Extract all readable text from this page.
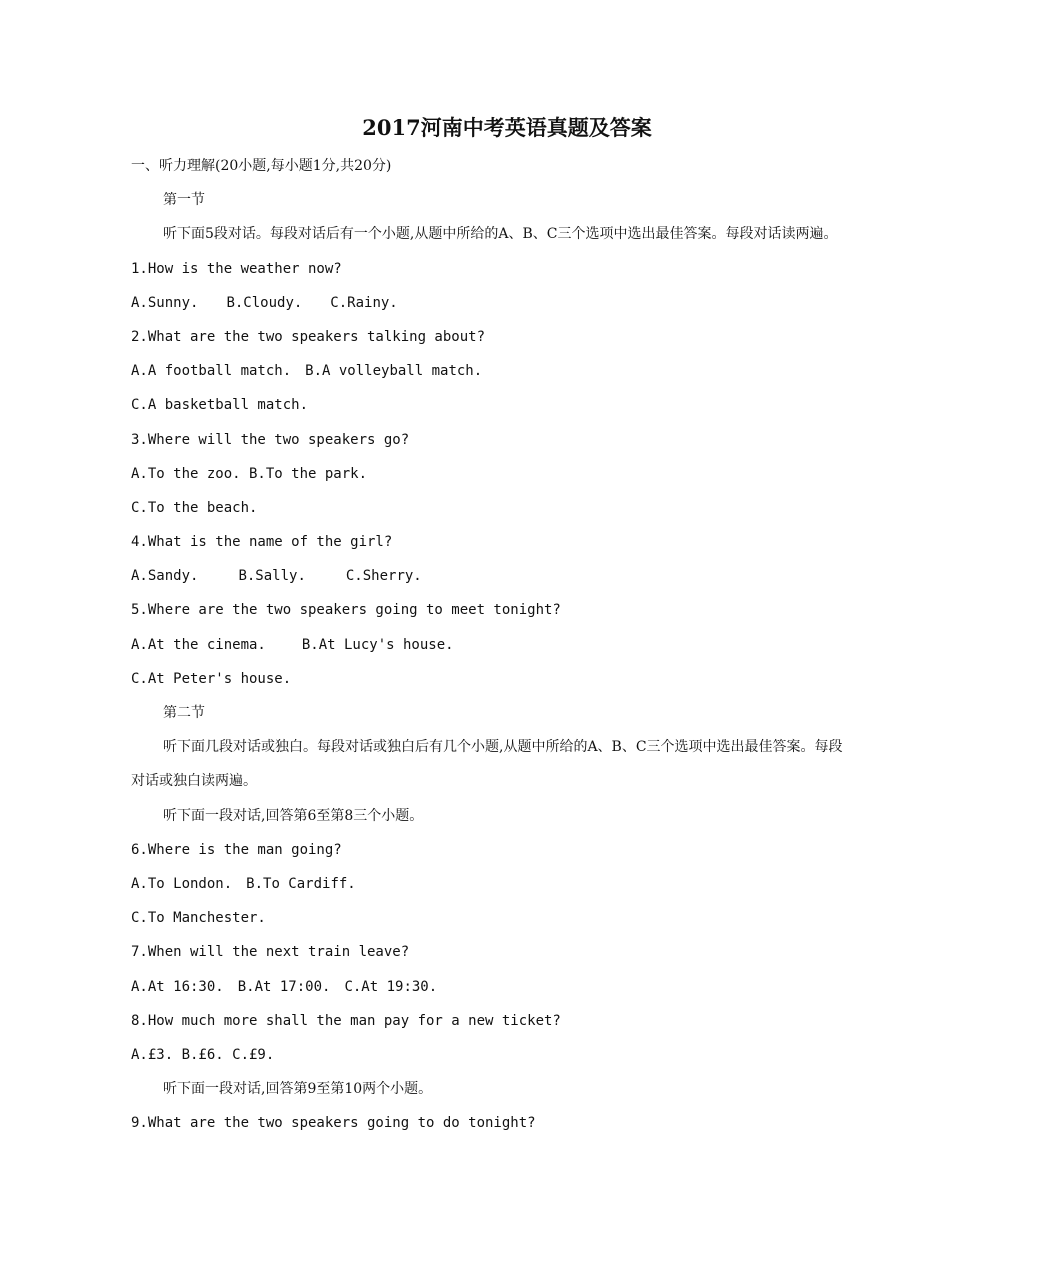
2017河南中考英语真题及答案
一、听力理解(20小题,每小题1分,共20分)
第一节
听下面5段对话。每段对话后有一个小题,从题中所给的A、B、C三个选项中选出最佳答案。每段对话读两遍。
1.How is the weather now?
A.Sunny. B.Cloudy. C.Rainy.
2.What are the two speakers talking about?
A.A football match. B.A volleyball match.
C.A basketball match.
3.Where will the two speakers go?
A.To the zoo. B.To the park.
C.To the beach.
4.What is the name of the girl?
A.Sandy.	B.Sally.	C.Sherry.
5.Where are the two speakers going to meet tonight?
A.At the cinema.	B.At Lucy's house.
C.At Peter's house.
第二节
听下面几段对话或独白。每段对话或独白后有几个小题,从题中所给的A、B、C三个选项中选出最佳答案。每段
对话或独白读两遍。
听下面一段对话,回答第6至第8三个小题。
6.Where is the man going?
A.To London. B.To Cardiff.
C.To Manchester.
7.When will the next train leave?
A.At 16:30. B.At 17:00. C.At 19:30.
8.How much more shall the man pay for a new ticket?
A.£3. B.£6. C.£9.
听下面一段对话,回答第9至第10两个小题。
9.What are the two speakers going to do tonight?
